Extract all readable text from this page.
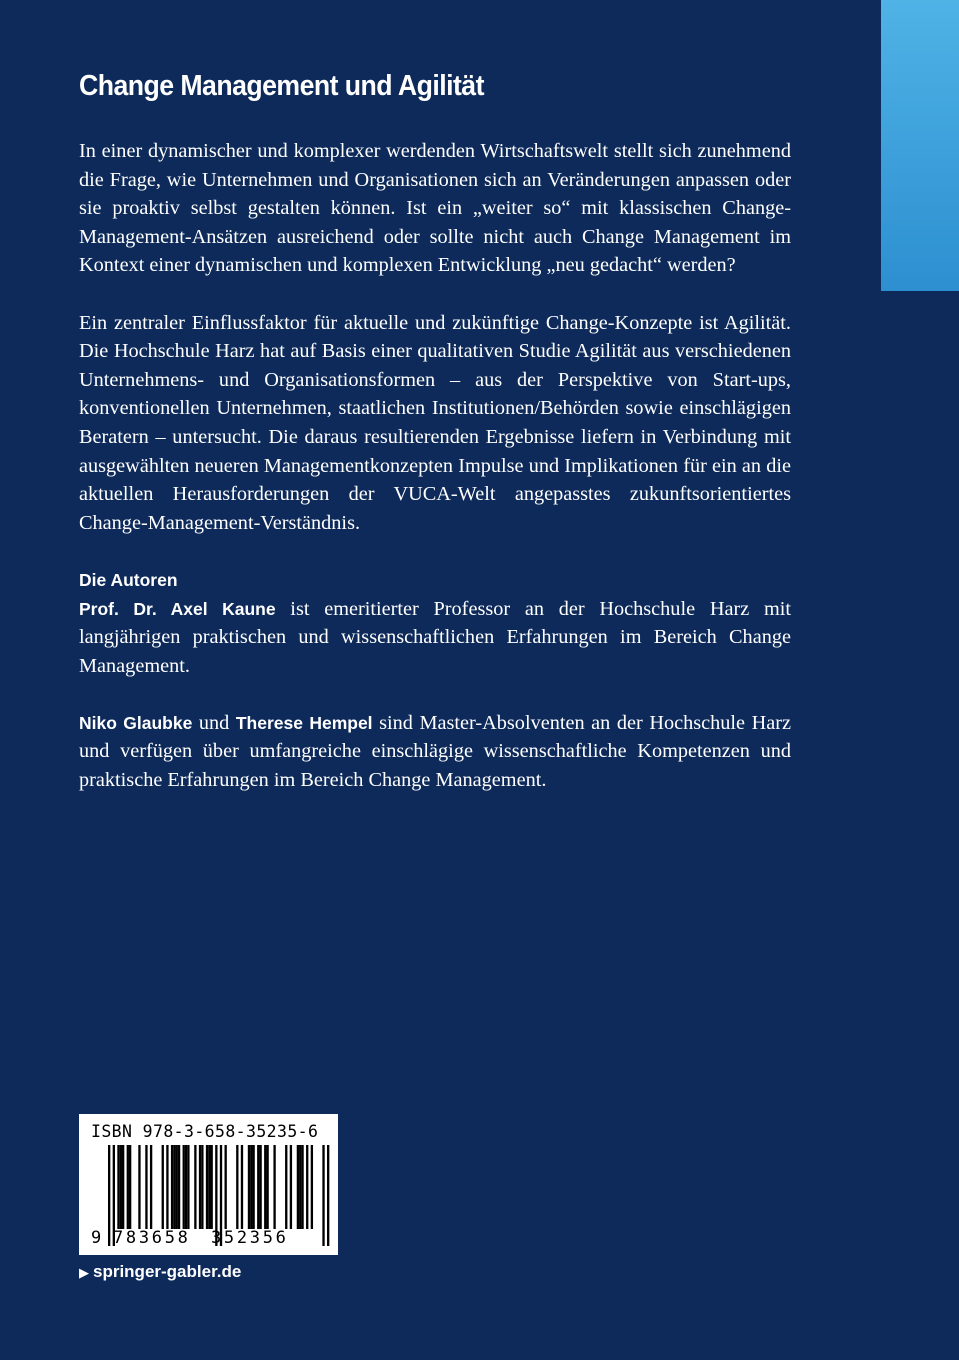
Change Management und Agilität

In einer dynamischer und komplexer werdenden Wirtschaftswelt stellt sich zunehmend die Frage, wie Unternehmen und Organisationen sich an Veränderungen anpassen oder sie proaktiv selbst gestalten können. Ist ein „weiter so“ mit klassischen Change-Management-Ansätzen ausreichend oder sollte nicht auch Change Management im Kontext einer dynamischen und komplexen Entwicklung „neu gedacht“ werden?

Ein zentraler Einflussfaktor für aktuelle und zukünftige Change-Konzepte ist Agilität. Die Hochschule Harz hat auf Basis einer qualitativen Studie Agilität aus verschiedenen Unternehmens- und Organisationsformen – aus der Perspektive von Start-ups, konventionellen Unternehmen, staatlichen Institutionen/Behörden sowie einschlägigen Beratern – untersucht. Die daraus resultierenden Ergebnisse liefern in Verbindung mit ausgewählten neueren Managementkonzepten Impulse und Implikationen für ein an die aktuellen Herausforderungen der VUCA-Welt angepasstes zukunftsorientiertes Change-Management-Verständnis.

Die Autoren

Prof. Dr. Axel Kaune ist emeritierter Professor an der Hochschule Harz mit langjährigen praktischen und wissenschaftlichen Erfahrungen im Bereich Change Management.

Niko Glaubke und Therese Hempel sind Master-Absolventen an der Hochschule Harz und verfügen über umfangreiche einschlägige wissenschaftliche Kompetenzen und praktische Erfahrungen im Bereich Change Management.

ISBN 978-3-658-35235-6
9 783658 352356
▶ springer-gabler.de
